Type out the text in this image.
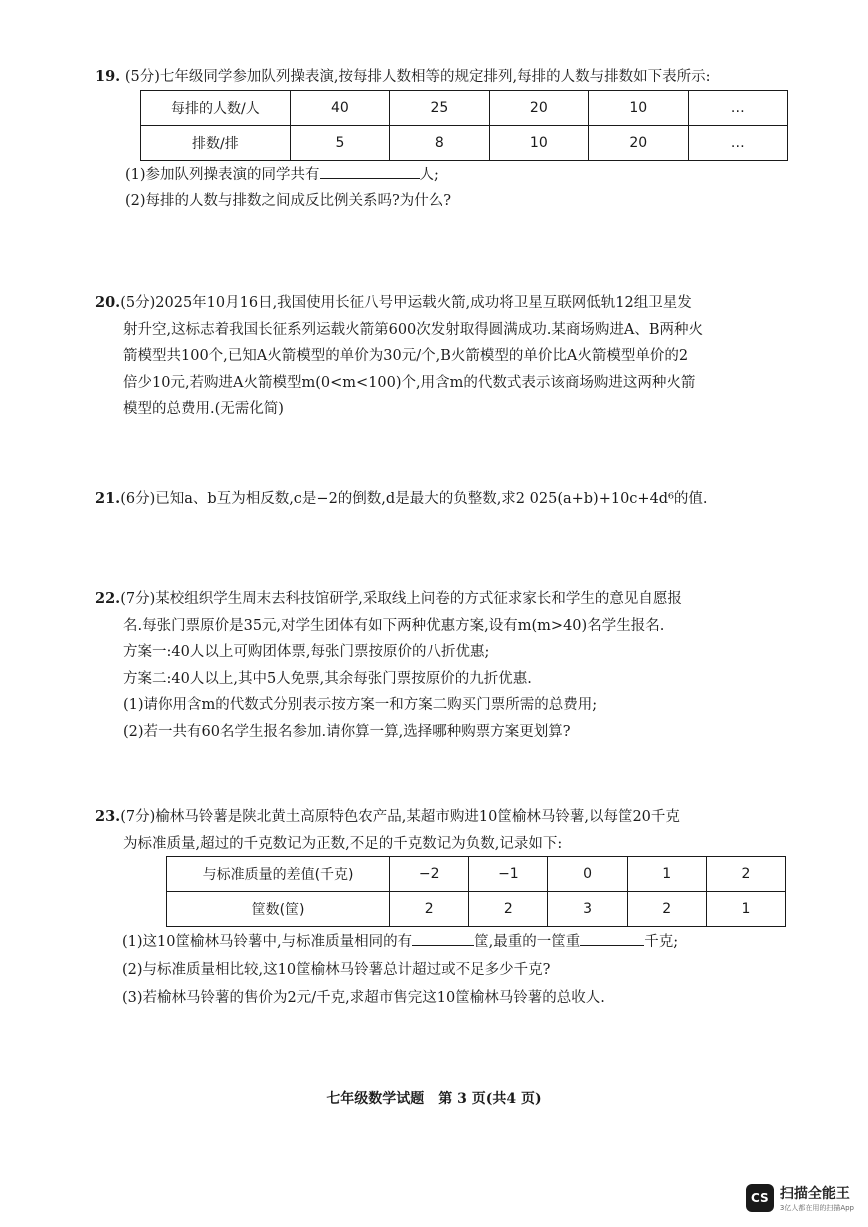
19. (5分)七年级同学参加队列操表演,按每排人数相等的规定排列,每排的人数与排数如下表所示:
每排的人数/人	40	25	20	10	…
排数/排	5	8	10	20	…
(1)参加队列操表演的同学共有	人;
(2)每排的人数与排数之间成反比例关系吗?为什么?
20.(5分)2025年10月16日,我国使用长征八号甲运载火箭,成功将卫星互联网低轨12组卫星发
射升空,这标志着我国长征系列运载火箭第600次发射取得圆满成功.某商场购进A、B两种火
箭模型共100个,已知A火箭模型的单价为30元/个,B火箭模型的单价比A火箭模型单价的2
倍少10元,若购进A火箭模型m(0<m<100)个,用含m的代数式表示该商场购进这两种火箭
模型的总费用.(无需化简)
21.(6分)已知a、b互为相反数,c是−2的倒数,d是最大的负整数,求2 025(a+b)+10c+4d⁶的值.
22.(7分)某校组织学生周末去科技馆研学,采取线上问卷的方式征求家长和学生的意见自愿报
名.每张门票原价是35元,对学生团体有如下两种优惠方案,设有m(m>40)名学生报名.
方案一:40人以上可购团体票,每张门票按原价的八折优惠;
方案二:40人以上,其中5人免票,其余每张门票按原价的九折优惠.
(1)请你用含m的代数式分别表示按方案一和方案二购买门票所需的总费用;
(2)若一共有60名学生报名参加.请你算一算,选择哪种购票方案更划算?
23.(7分)榆林马铃薯是陕北黄土高原特色农产品,某超市购进10筐榆林马铃薯,以每筐20千克
为标准质量,超过的千克数记为正数,不足的千克数记为负数,记录如下:
与标准质量的差值(千克)	−2	−1	0	1	2
筐数(筐)	2	2	3	2	1
(1)这10筐榆林马铃薯中,与标准质量相同的有	筐,最重的一筐重	千克;
(2)与标准质量相比较,这10筐榆林马铃薯总计超过或不足多少千克?
(3)若榆林马铃薯的售价为2元/千克,求超市售完这10筐榆林马铃薯的总收人.
七年级数学试题　第 3 页(共4 页)
CS 扫描全能王
3亿人都在用的扫描App
